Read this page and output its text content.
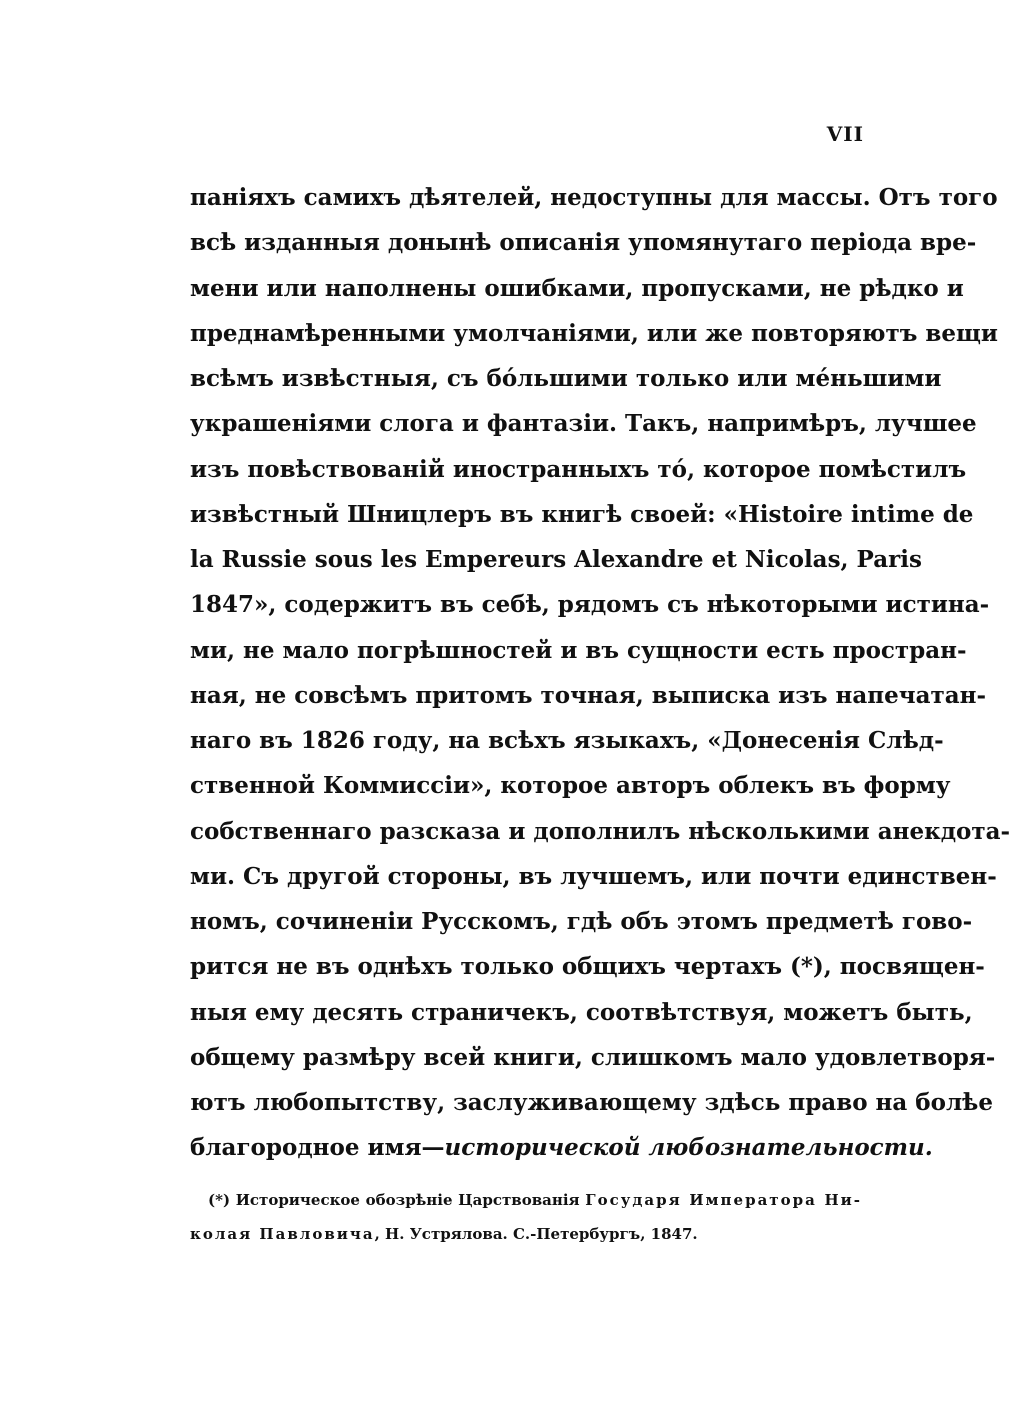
VII
паніяхъ самихъ дѣятелей, недоступны для массы. Отъ того
всѣ изданныя донынѣ описанія упомянутаго періода вре-
мени или наполнены ошибками, пропусками, не рѣдко и
преднамѣренными умолчаніями, или же повторяютъ вещи
всѣмъ извѣстныя, съ бо́льшими только или ме́ньшими
украшеніями слога и фантазіи. Такъ, напримѣръ, лучшее
изъ повѣствованій иностранныхъ то́, которое помѣстилъ
извѣстный Шницлеръ въ книгѣ своей: «Histoire intime de
la Russie sous les Empereurs Alexandre et Nicolas, Paris
1847», содержитъ въ себѣ, рядомъ съ нѣкоторыми истина-
ми, не мало погрѣшностей и въ сущности есть простран-
ная, не совсѣмъ притомъ точная, выписка изъ напечатан-
наго въ 1826 году, на всѣхъ языкахъ, «Донесенія Слѣд-
ственной Коммиссіи», которое авторъ облекъ въ форму
собственнаго разсказа и дополнилъ нѣсколькими анекдота-
ми. Съ другой стороны, въ лучшемъ, или почти единствен-
номъ, сочиненіи Русскомъ, гдѣ объ этомъ предметѣ гово-
рится не въ однѣхъ только общихъ чертахъ (*), посвящен-
ныя ему десять страничекъ, соотвѣтствуя, можетъ быть,
общему размѣру всей книги, слишкомъ мало удовлетворя-
ютъ любопытству, заслуживающему здѣсь право на болѣе
благородное имя—исторической любознательности.
(*) Историческое обозрѣніе Царствованія Государя Императора Ни-
колая Павловича, Н. Устрялова. С.-Петербургъ, 1847.
